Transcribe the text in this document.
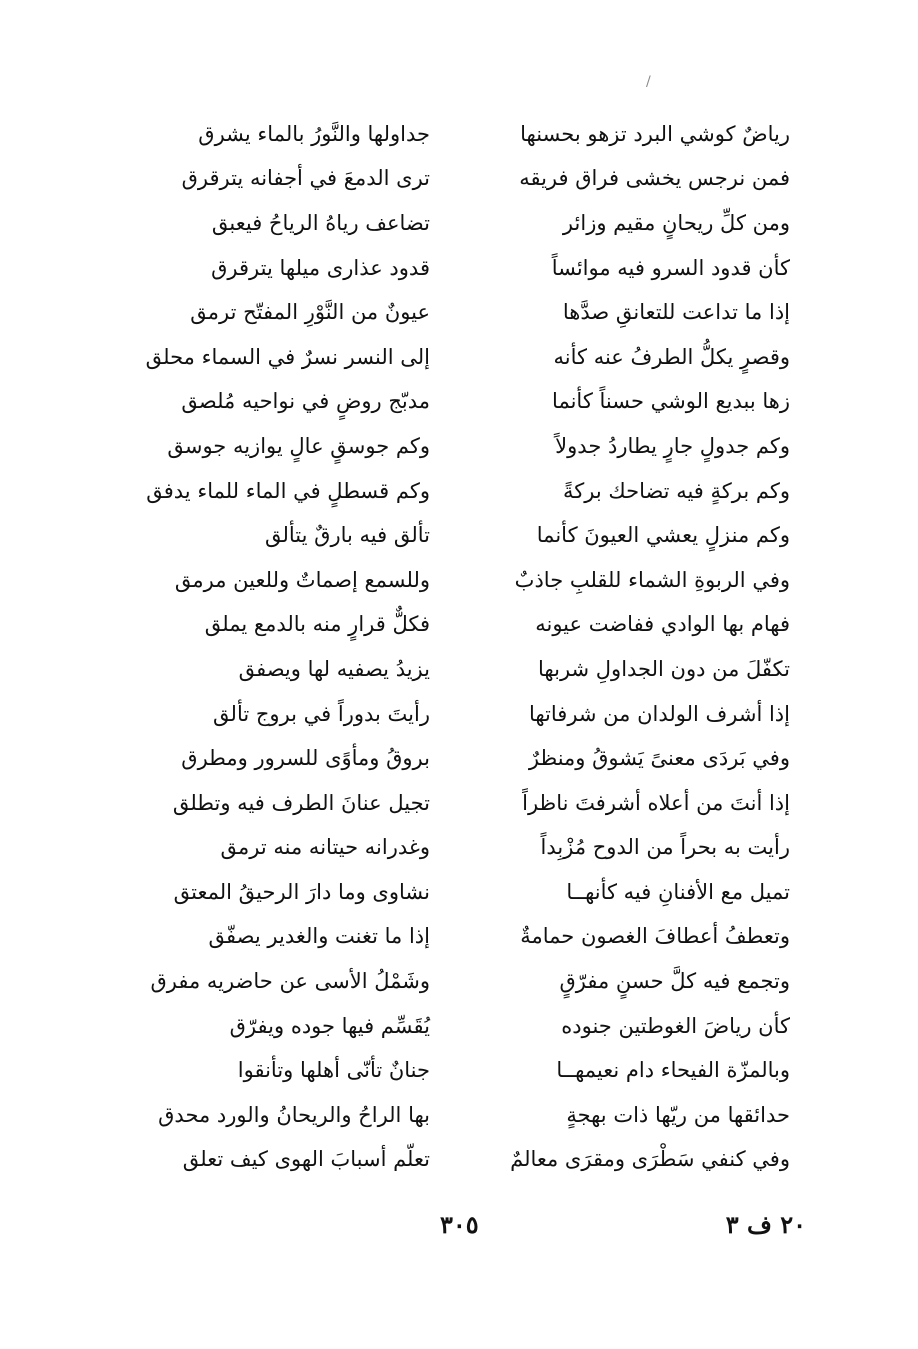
/
رياضٌ كوشي البرد تزهو بحسنها
جداولها والنَّورُ بالماء يشرق
فمن نرجس يخشى فراق فريقه
ترى الدمعَ في أجفانه يترقرق
ومن كلِّ ريحانٍ مقيم وزائر
تضاعف رياهُ الرياحُ فيعبق
كأن قدود السرو فيه موائساً
قدود عذارى ميلها يترقرق
إذا ما تداعت للتعانقِ صدَّها
عيونٌ من النَّوْرِ المفتّح ترمق
وقصرٍ يكلُّ الطرفُ عنه كأنه
إلى النسر نسرٌ في السماء محلق
زها ببديع الوشي حسناً كأنما
مدبّج روضٍ في نواحيه مُلصق
وكم جدولٍ جارٍ يطاردُ جدولاً
وكم جوسقٍ عالٍ يوازيه جوسق
وكم بركةٍ فيه تضاحك بركةً
وكم قسطلٍ في الماء للماء يدفق
وكم منزلٍ يعشي العيونَ كأنما
تألق فيه بارقٌ يتألق
وفي الربوةِ الشماء للقلبِ جاذبٌ
وللسمع إصماتٌ وللعين مرمق
فهام بها الوادي ففاضت عيونه
فكلٌّ قرارٍ منه بالدمع يملق
تكفّلَ من دون الجداولِ شربها
يزيدُ يصفيه لها ويصفق
إذا أشرف الولدان من شرفاتها
رأيتَ بدوراً في بروج تألق
وفي بَردَى معنىً يَشوقُ ومنظرٌ
بروقُ ومأوًى للسرور ومطرق
إذا أنتَ من أعلاه أشرفتَ ناظراً
تجيل عنانَ الطرف فيه وتطلق
رأيت به بحراً من الدوح مُزْبِداً
وغدرانه حيتانه منه ترمق
تميل مع الأفنانِ فيه كأنهــا
نشاوى وما دارَ الرحيقُ المعتق
وتعطفُ أعطافَ الغصون حمامةٌ
إذا ما تغنت والغدير يصفّق
وتجمع فيه كلَّ حسنٍ مفرّقٍ
وشَمْلُ الأسى عن حاضريه مفرق
كأن رياضَ الغوطتين جنوده
يُقَسِّم فيها جوده ويفرّق
وبالمزّة الفيحاء دام نعيمهــا
جنانٌ تأنّى أهلها وتأنقوا
حدائقها من ريّها ذات بهجةٍ
بها الراحُ والريحانُ والورد محدق
وفي كنفي سَطْرَى ومقرَى معالمٌ
تعلّم أسبابَ الهوى كيف تعلق
٢٠ ف ٣
٣٠٥
